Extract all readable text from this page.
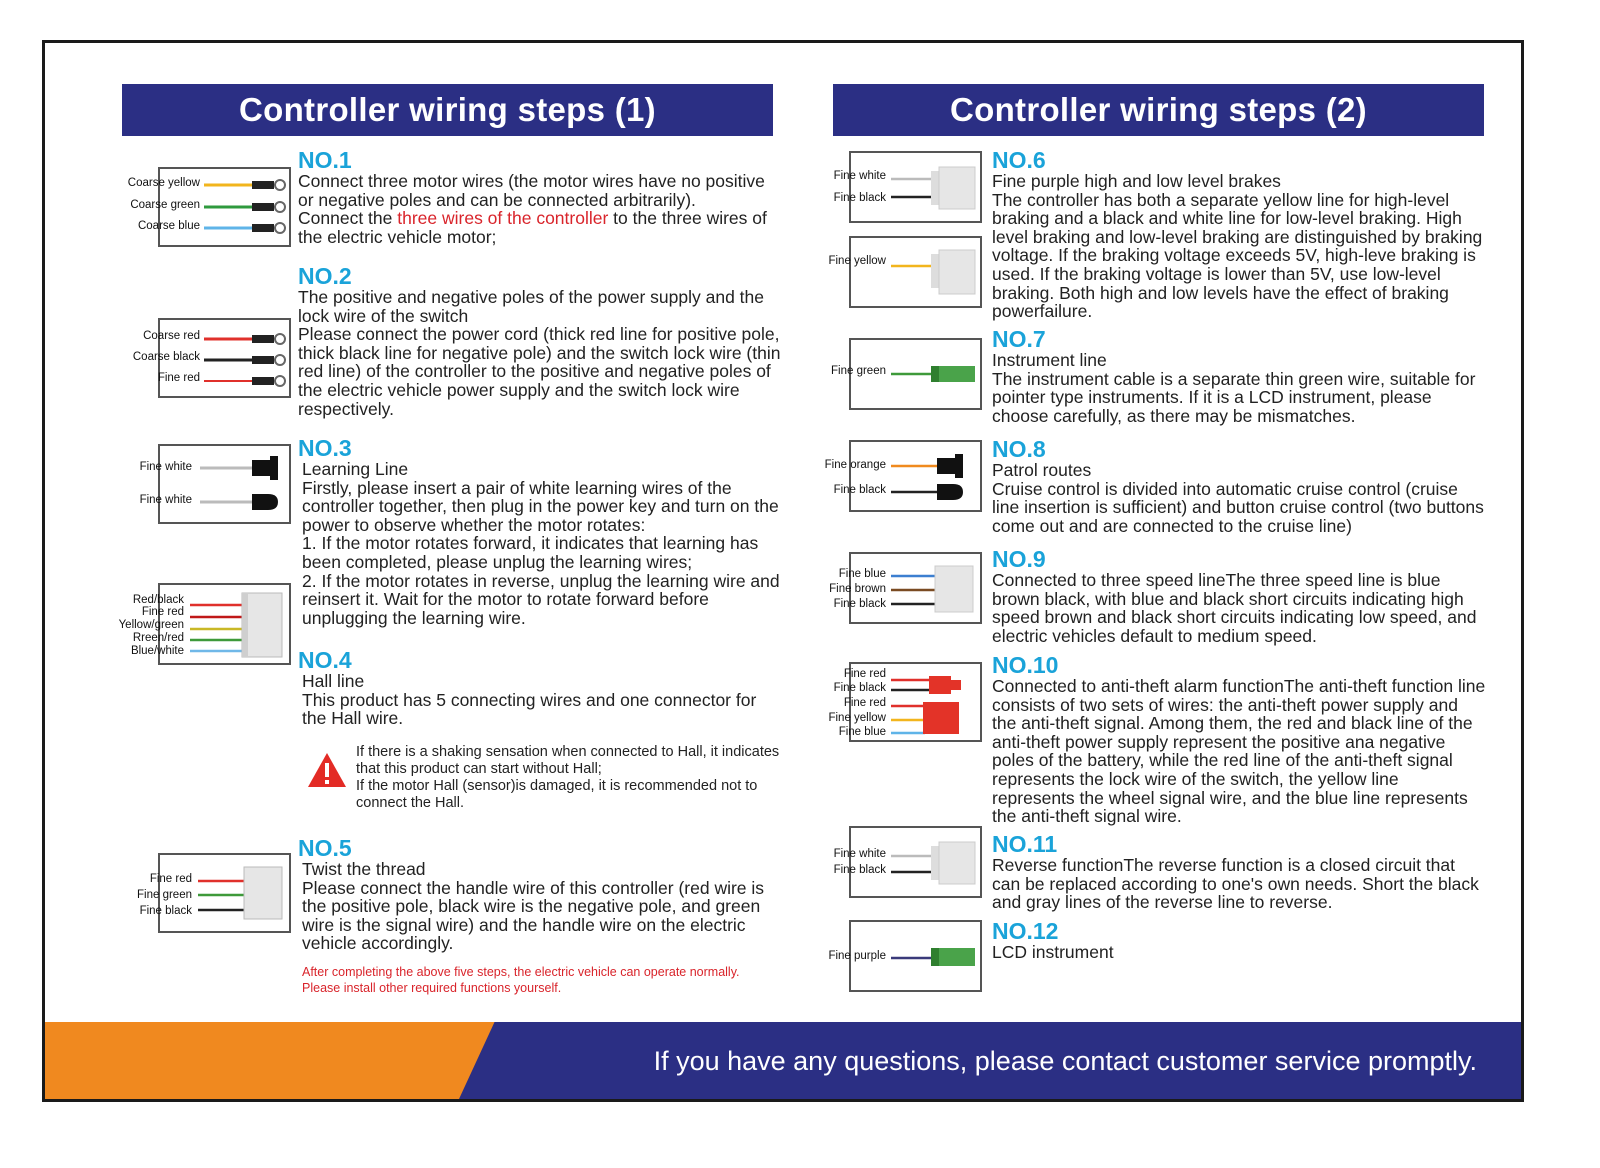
Controller wiring steps (1)	Controller wiring steps (2)
Coarse yellow
Coarse green
Coarse blue
Coarse red
Coarse black
Fine red
Fine white
Fine white
Red/black
Fine red
Yellow/green
Rreen/red
Blue/white
Fine red
Fine green
Fine black
NO.1
Connect three motor wires (the motor wires have no positive or negative poles and can be connected arbitrarily).
Connect the three wires of the controller to the three wires of the electric vehicle motor;
NO.2
The positive and negative poles of the power supply and the lock wire of the switch
Please connect the power cord (thick red line for positive pole, thick black line for negative pole) and the switch lock wire (thin red line) of the controller to the positive and negative poles of the electric vehicle power supply and the switch lock wire respectively.
NO.3
Learning Line
Firstly, please insert a pair of white learning wires of the controller together, then plug in the power key and turn on the power to observe whether the motor rotates:
1. If the motor rotates forward, it indicates that learning has been completed, please unplug the learning wires;
2. If the motor rotates in reverse, unplug the learning wire and reinsert it. Wait for the motor to rotate forward before unplugging the learning wire.
NO.4
Hall line
This product has 5 connecting wires and one connector for the Hall wire.
If there is a shaking sensation when connected to Hall, it indicates that this product can start without Hall;
If the motor Hall (sensor)is damaged, it is recommended not to connect the Hall.
NO.5
Twist the thread
Please connect the handle wire of this controller (red wire is the positive pole, black wire is the negative pole, and green wire is the signal wire) and the handle wire on the electric vehicle accordingly.
After completing the above five steps, the electric vehicle can operate normally.
Please install other required functions yourself.
Fine white
Fine black
Fine yellow
Fine green
Fine orange
Fine black
Fine blue
Fine brown
Fine black
Fine red
Fine black
Fine red
Fine yellow
Fine blue
Fine white
Fine black
Fine purple
NO.6
Fine purple high and low level brakes
The controller has both a separate yellow line for high-level braking and a black and white line for low-level braking. High level braking and low-level braking are distinguished by braking voltage. If the braking voltage exceeds 5V, high-leve braking is used. If the braking voltage is lower than 5V, use low-level braking. Both high and low levels have the effect of braking powerfailure.
NO.7
Instrument line
The instrument cable is a separate thin green wire, suitable for pointer type instruments. If it is a LCD instrument, please choose carefully, as there may be mismatches.
NO.8
Patrol routes
Cruise control is divided into automatic cruise control (cruise line insertion is sufficient) and button cruise control (two buttons come out and are connected to the cruise line)
NO.9
Connected to three speed lineThe three speed line is blue brown black, with blue and black short circuits indicating high speed brown and black short circuits indicating low speed, and electric vehicles default to medium speed.
NO.10
Connected to anti-theft alarm functionThe anti-theft function line consists of two sets of wires: the anti-theft power supply and the anti-theft signal. Among them, the red and black line of the anti-theft power supply represent the positive ana negative poles of the battery, while the red line of the anti-theft signal represents the lock wire of the switch, the yellow line represents the wheel signal wire, and the blue line represents the anti-theft signal wire.
NO.11
Reverse functionThe reverse function is a closed circuit that can be replaced according to one's own needs. Short the black and gray lines of the reverse line to reverse.
NO.12
LCD instrument
If you have any questions, please contact customer service promptly.
